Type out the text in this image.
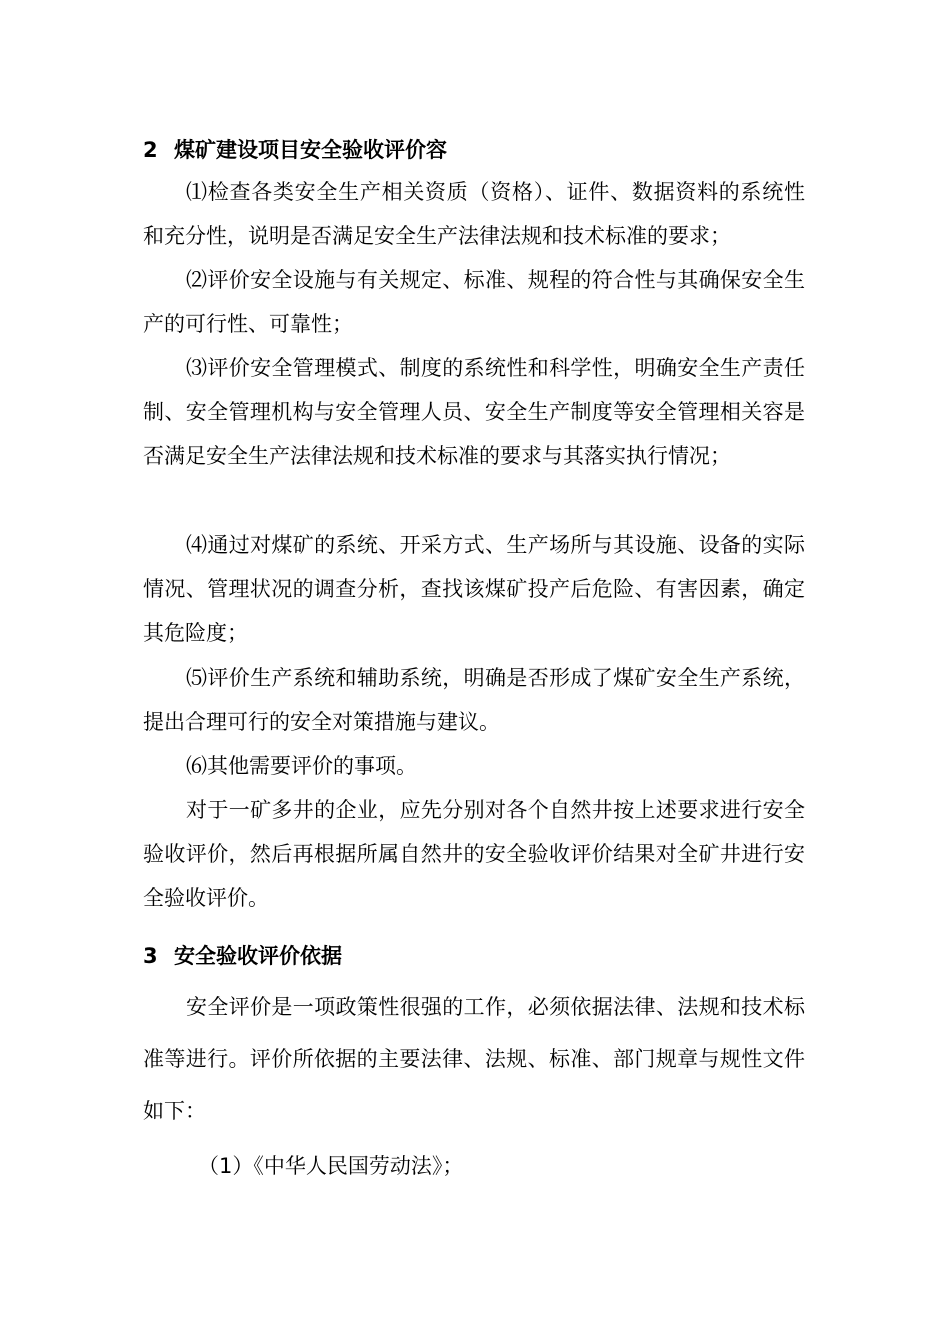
2 煤矿建设项目安全验收评价容

⑴检查各类安全生产相关资质（资格）、证件、数据资料的系统性和充分性，说明是否满足安全生产法律法规和技术标准的要求；

⑵评价安全设施与有关规定、标准、规程的符合性与其确保安全生产的可行性、可靠性；

⑶评价安全管理模式、制度的系统性和科学性，明确安全生产责任制、安全管理机构与安全管理人员、安全生产制度等安全管理相关容是否满足安全生产法律法规和技术标准的要求与其落实执行情况；

⑷通过对煤矿的系统、开采方式、生产场所与其设施、设备的实际情况、管理状况的调查分析，查找该煤矿投产后危险、有害因素，确定其危险度；

⑸评价生产系统和辅助系统，明确是否形成了煤矿安全生产系统，提出合理可行的安全对策措施与建议。

⑹其他需要评价的事项。

对于一矿多井的企业，应先分别对各个自然井按上述要求进行安全验收评价，然后再根据所属自然井的安全验收评价结果对全矿井进行安全验收评价。

3 安全验收评价依据

安全评价是一项政策性很强的工作，必须依据法律、法规和技术标准等进行。评价所依据的主要法律、法规、标准、部门规章与规性文件如下：

（1）《中华人民国劳动法》；
